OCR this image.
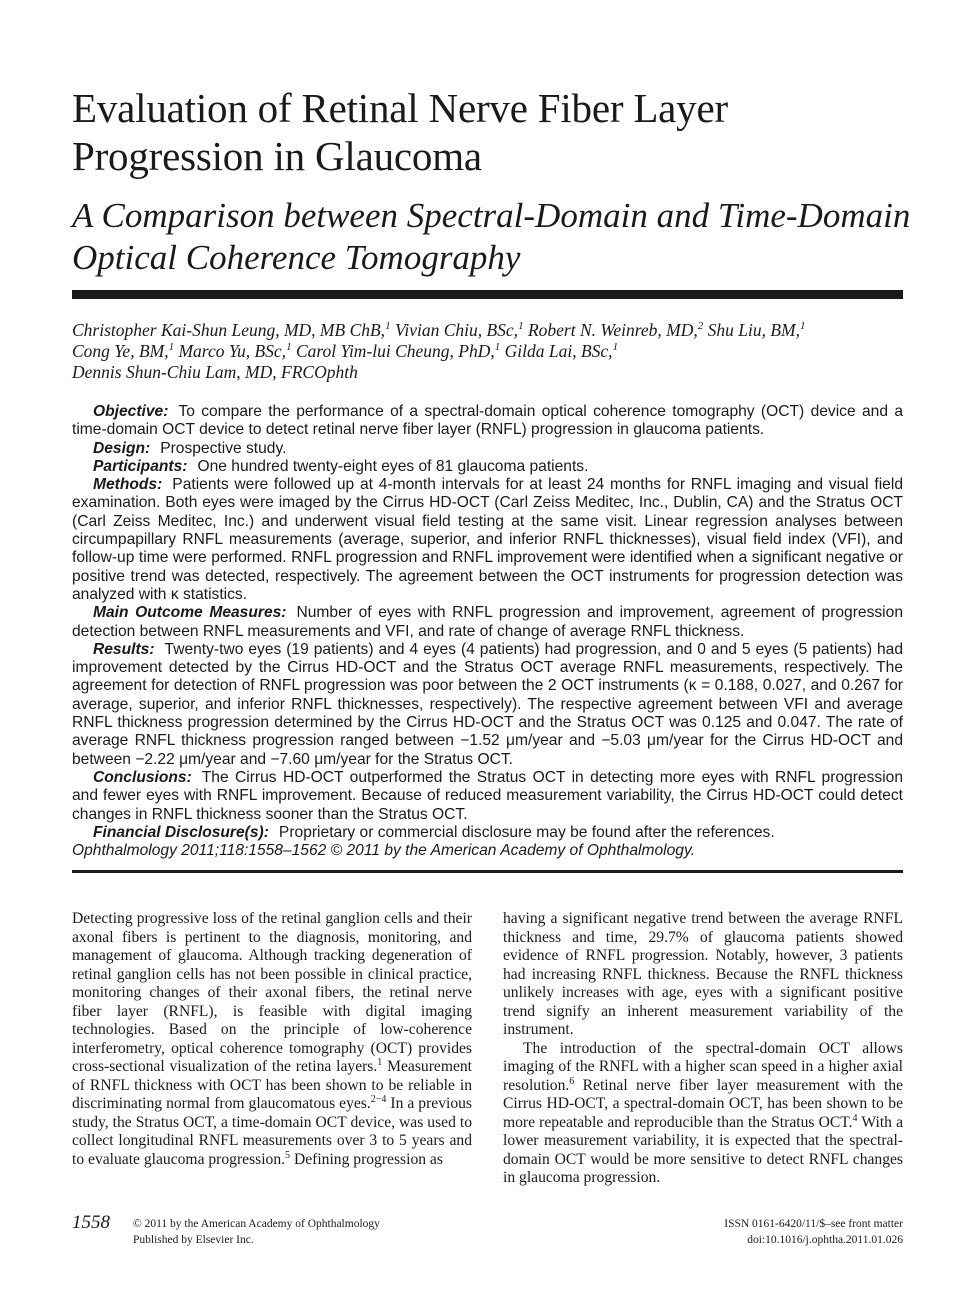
Evaluation of Retinal Nerve Fiber Layer Progression in Glaucoma
A Comparison between Spectral-Domain and Time-Domain Optical Coherence Tomography
Christopher Kai-Shun Leung, MD, MB ChB,$^1$ Vivian Chiu, BSc,$^1$ Robert N. Weinreb, MD,$^2$ Shu Liu, BM,$^1$
Cong Ye, BM,$^1$ Marco Yu, BSc,$^1$ Carol Yim-lui Cheung, PhD,$^1$ Gilda Lai, BSc,$^1$
Dennis Shun-Chiu Lam, MD, FRCOphth

Objective: To compare the performance of a spectral-domain optical coherence tomography (OCT) device and a time-domain OCT device to detect retinal nerve fiber layer (RNFL) progression in glaucoma patients.

Design: Prospective study.

Participants: One hundred twenty-eight eyes of 81 glaucoma patients.

Methods: Patients were followed up at 4-month intervals for at least 24 months for RNFL imaging and visual field examination. Both eyes were imaged by the Cirrus HD-OCT (Carl Zeiss Meditec, Inc., Dublin, CA) and the Stratus OCT (Carl Zeiss Meditec, Inc.) and underwent visual field testing at the same visit. Linear regression analyses between circumpapillary RNFL measurements (average, superior, and inferior RNFL thicknesses), visual field index (VFI), and follow-up time were performed. RNFL progression and RNFL improvement were identified when a significant negative or positive trend was detected, respectively. The agreement between the OCT instruments for progression detection was analyzed with κ statistics.

Main Outcome Measures: Number of eyes with RNFL progression and improvement, agreement of progression detection between RNFL measurements and VFI, and rate of change of average RNFL thickness.

Results: Twenty-two eyes (19 patients) and 4 eyes (4 patients) had progression, and 0 and 5 eyes (5 patients) had improvement detected by the Cirrus HD-OCT and the Stratus OCT average RNFL measurements, respectively. The agreement for detection of RNFL progression was poor between the 2 OCT instruments (κ = 0.188, 0.027, and 0.267 for average, superior, and inferior RNFL thicknesses, respectively). The respective agreement between VFI and average RNFL thickness progression determined by the Cirrus HD-OCT and the Stratus OCT was 0.125 and 0.047. The rate of average RNFL thickness progression ranged between −1.52 μm/year and −5.03 μm/year for the Cirrus HD-OCT and between −2.22 μm/year and −7.60 μm/year for the Stratus OCT.

Conclusions: The Cirrus HD-OCT outperformed the Stratus OCT in detecting more eyes with RNFL progression and fewer eyes with RNFL improvement. Because of reduced measurement variability, the Cirrus HD-OCT could detect changes in RNFL thickness sooner than the Stratus OCT.

Financial Disclosure(s): Proprietary or commercial disclosure may be found after the references.

Ophthalmology 2011;118:1558–1562 © 2011 by the American Academy of Ophthalmology.

Detecting progressive loss of the retinal ganglion cells and their axonal fibers is pertinent to the diagnosis, monitoring, and management of glaucoma. Although tracking degeneration of retinal ganglion cells has not been possible in clinical practice, monitoring changes of their axonal fibers, the retinal nerve fiber layer (RNFL), is feasible with digital imaging technologies. Based on the principle of low-coherence interferometry, optical coherence tomography (OCT) provides cross-sectional visualization of the retina layers.$^1$ Measurement of RNFL thickness with OCT has been shown to be reliable in discriminating normal from glaucomatous eyes.$^{2-4}$ In a previous study, the Stratus OCT, a time-domain OCT device, was used to collect longitudinal RNFL measurements over 3 to 5 years and to evaluate glaucoma progression.$^5$ Defining progression as

having a significant negative trend between the average RNFL thickness and time, 29.7% of glaucoma patients showed evidence of RNFL progression. Notably, however, 3 patients had increasing RNFL thickness. Because the RNFL thickness unlikely increases with age, eyes with a significant positive trend signify an inherent measurement variability of the instrument.

The introduction of the spectral-domain OCT allows imaging of the RNFL with a higher scan speed in a higher axial resolution.$^6$ Retinal nerve fiber layer measurement with the Cirrus HD-OCT, a spectral-domain OCT, has been shown to be more repeatable and reproducible than the Stratus OCT.$^4$ With a lower measurement variability, it is expected that the spectral-domain OCT would be more sensitive to detect RNFL changes in glaucoma progression.

1558 © 2011 by the American Academy of Ophthalmology
Published by Elsevier Inc.
ISSN 0161-6420/11/$–see front matter
doi:10.1016/j.ophtha.2011.01.026
